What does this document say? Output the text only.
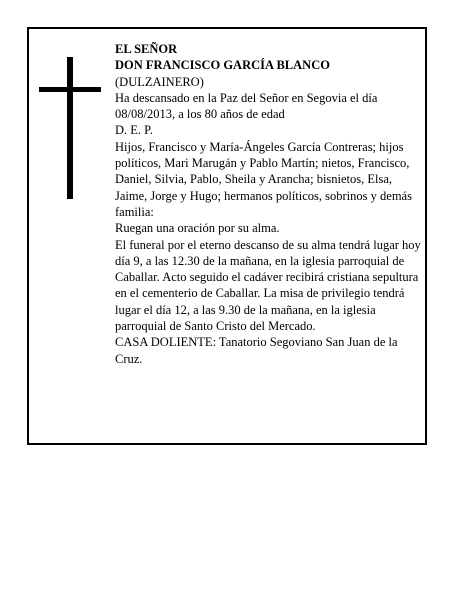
EL SEÑOR

DON FRANCISCO GARCÍA BLANCO

(DULZAINERO)

Ha descansado en la Paz del Señor en Segovia el día 08/08/2013, a los 80 años de edad

D. E. P.

Hijos, Francisco y María-Ángeles García Contreras; hijos políticos, Mari Marugán y Pablo Martín; nietos, Francisco, Daniel, Silvia, Pablo, Sheila y Arancha; bisnietos, Elsa, Jaime, Jorge y Hugo; hermanos políticos, sobrinos y demás familia:

Ruegan una oración por su alma.

El funeral por el eterno descanso de su alma tendrá lugar hoy día 9, a las 12.30 de la mañana, en la iglesia parroquial de Caballar. Acto seguido el cadáver recibirá cristiana sepultura en el cementerio de Caballar. La misa de privilegio tendrá lugar el día 12, a las 9.30 de la mañana, en la iglesia parroquial de Santo Cristo del Mercado.

CASA DOLIENTE: Tanatorio Segoviano San Juan de la Cruz.
